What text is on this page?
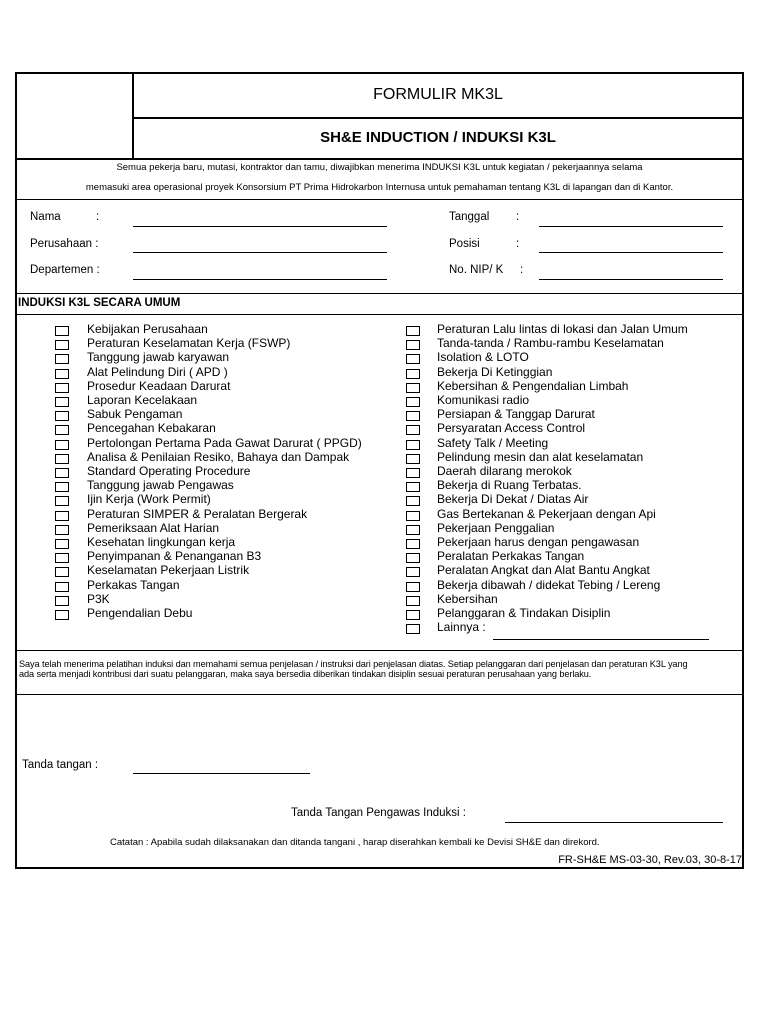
FORMULIR MK3L
SH&E INDUCTION / INDUKSI K3L
Semua pekerja baru, mutasi, kontraktor dan tamu, diwajibkan menerima INDUKSI K3L untuk kegiatan / pekerjaannya selama
memasuki area operasional proyek Konsorsium PT Prima Hidrokarbon Internusa untuk pemahaman tentang K3L di lapangan dan di Kantor.
Nama	:
Perusahaan :
Departemen :
Tanggal :
Posisi	:
No. NIP/ K :
INDUKSI K3L SECARA UMUM
Kebijakan Perusahaan
Peraturan Keselamatan Kerja (FSWP)
Tanggung jawab karyawan
Alat Pelindung Diri ( APD )
Prosedur Keadaan Darurat
Laporan Kecelakaan
Sabuk Pengaman
Pencegahan Kebakaran
Pertolongan Pertama Pada Gawat Darurat ( PPGD)
Analisa & Penilaian Resiko, Bahaya dan Dampak
Standard Operating Procedure
Tanggung jawab Pengawas
Ijin Kerja (Work Permit)
Peraturan SIMPER & Peralatan Bergerak
Pemeriksaan Alat Harian
Kesehatan lingkungan kerja
Penyimpanan & Penanganan B3
Keselamatan Pekerjaan Listrik
Perkakas Tangan
P3K
Pengendalian Debu
Peraturan Lalu lintas di lokasi dan Jalan Umum
Tanda-tanda / Rambu-rambu Keselamatan
Isolation & LOTO
Bekerja Di Ketinggian
Kebersihan & Pengendalian Limbah
Komunikasi radio
Persiapan & Tanggap Darurat
Persyaratan Access Control
Safety Talk / Meeting
Pelindung mesin dan alat keselamatan
Daerah dilarang merokok
Bekerja di Ruang Terbatas.
Bekerja Di Dekat / Diatas Air
Gas Bertekanan & Pekerjaan dengan Api
Pekerjaan Penggalian
Pekerjaan harus dengan pengawasan
Peralatan Perkakas Tangan
Peralatan Angkat dan Alat Bantu Angkat
Bekerja dibawah / didekat Tebing / Lereng
Kebersihan
Pelanggaran & Tindakan Disiplin
Lainnya :
Saya telah menerima pelatihan induksi dan memahami semua penjelasan / instruksi dari penjelasan diatas. Setiap pelanggaran dari penjelasan dan peraturan K3L yang
ada serta menjadi kontribusi dari suatu pelanggaran, maka saya bersedia diberikan tindakan disiplin sesuai peraturan perusahaan yang berlaku.
Tanda tangan :
Tanda Tangan Pengawas Induksi :
Catatan : Apabila sudah dilaksanakan dan ditanda tangani , harap diserahkan kembali ke Devisi SH&E dan direkord.
FR-SH&E MS-03-30, Rev.03, 30-8-17
